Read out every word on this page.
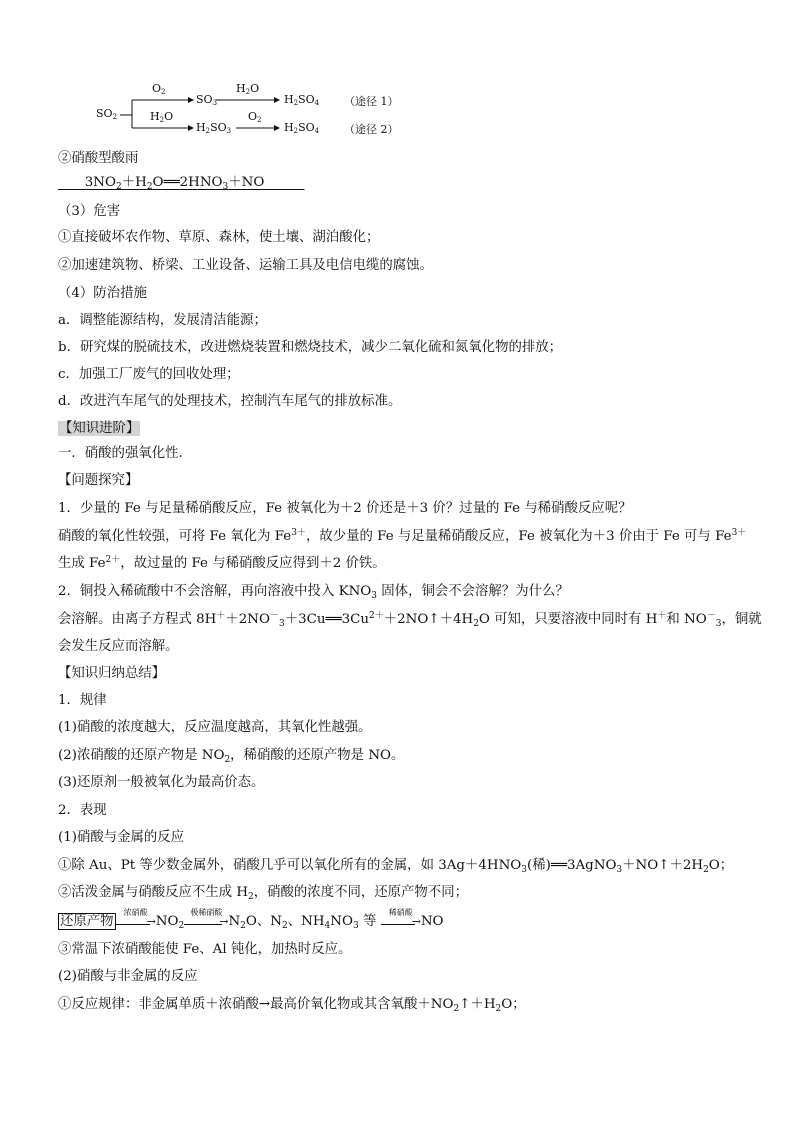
$SO_2$
$O_2$
$SO_3$
$H_2O$
$H_2SO_4$ （途径 1）
$H_2O$
$H_2SO_3$
$O_2$
$H_2SO_4$ （途径 2）
②硝酸型酸雨
  $3NO_2+H_2O══2HNO_3+NO$   
（3）危害
①直接破坏农作物、草原、森林，使土壤、湖泊酸化；
②加速建筑物、桥梁、工业设备、运输工具及电信电缆的腐蚀。
（4）防治措施
a．调整能源结构，发展清洁能源；
b．研究煤的脱硫技术，改进燃烧装置和燃烧技术，减少二氧化硫和氮氧化物的排放；
c．加强工厂废气的回收处理；
d．改进汽车尾气的处理技术，控制汽车尾气的排放标准。
【知识进阶】
一．硝酸的强氧化性.
【问题探究】
1．少量的 Fe 与足量稀硝酸反应，Fe 被氧化为＋2 价还是＋3 价？过量的 Fe 与稀硝酸反应呢？
硝酸的氧化性较强，可将 Fe 氧化为 $Fe^{3+}$，故少量的 Fe 与足量稀硝酸反应，Fe 被氧化为＋3 价由于 Fe 可与 $Fe^{3+}$
生成 $Fe^{2+}$，故过量的 Fe 与稀硝酸反应得到＋2 价铁。
2．铜投入稀硫酸中不会溶解，再向溶液中投入 $KNO_3$ 固体，铜会不会溶解？为什么？
会溶解。由离子方程式 $8H^++2NO^-_3+3Cu══3Cu^{2+}+2NO↑+4H_2O$ 可知，只要溶液中同时有 H＋和 $NO^-_3$，铜就
会发生反应而溶解。
【知识归纳总结】
1．规律
(1)硝酸的浓度越大，反应温度越高，其氧化性越强。
(2)浓硝酸的还原产物是 $NO_2$，稀硝酸的还原产物是 NO。
(3)还原剂一般被氧化为最高价态。
2．表现
(1)硝酸与金属的反应
①除 Au、Pt 等少数金属外，硝酸几乎可以氧化所有的金属，如 $3Ag+4HNO_3$(稀)$══3AgNO_3+NO↑+2H_2O$；
②活泼金属与硝酸反应不生成 $H_2$，硝酸的浓度不同，还原产物不同；
还原产物
浓硝酸
$\to NO_2$
极稀硝酸
$\to N_2O$、$N_2$、$NH_4NO_3$ 等
稀硝酸
→NO
③常温下浓硝酸能使 Fe、Al 钝化，加热时反应。
(2)硝酸与非金属的反应
①反应规律：非金属单质＋浓硝酸→最高价氧化物或其含氧酸$+NO_2↑+H_2O$；
